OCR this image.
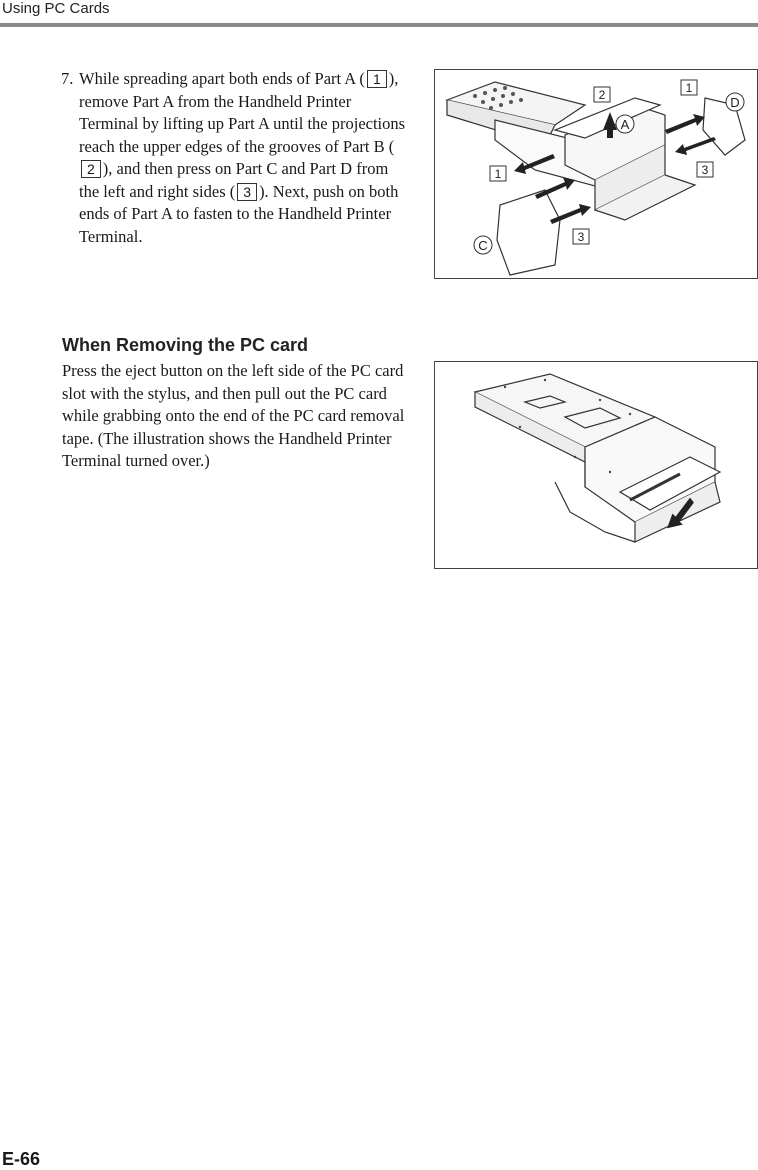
Using PC Cards
7. While spreading apart both ends of Part A ( 1 ), remove Part A from the Handheld Printer Terminal by lifting up Part A until the projections reach the upper edges of the grooves of Part B (2 ), and then press on Part C and Part D from the left and right sides ( 3 ). Next, push on both ends of Part A to fasten to the Handheld Printer Terminal.
A
C
D
2	1
1	3
3
When Removing the PC card
Press the eject button on the left side of the PC card slot with the stylus, and then pull out the PC card while grabbing onto the end of the PC card removal tape. (The illustration shows the Handheld Printer Terminal turned over.)
E-66
